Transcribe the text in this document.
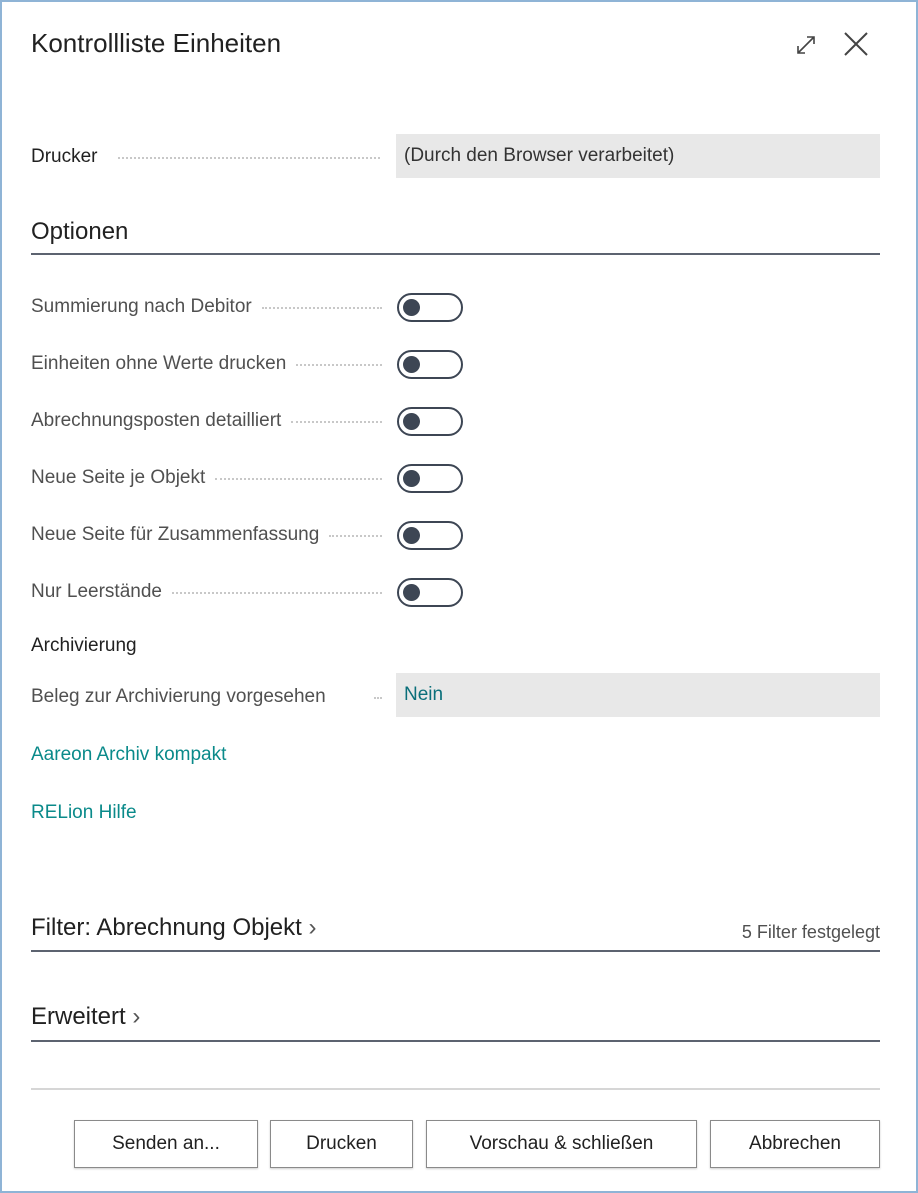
Kontrollliste Einheiten
Drucker	(Durch den Browser verarbeitet)
Optionen
Summierung nach Debitor
Einheiten ohne Werte drucken
Abrechnungsposten detailliert
Neue Seite je Objekt
Neue Seite für Zusammenfassung
Nur Leerstände
Archivierung
Beleg zur Archivierung vorgesehen	Nein
Aareon Archiv kompakt
RELion Hilfe
Filter: Abrechnung Objekt ›	5 Filter festgelegt
Erweitert ›
Senden an...	Drucken	Vorschau & schließen	Abbrechen
